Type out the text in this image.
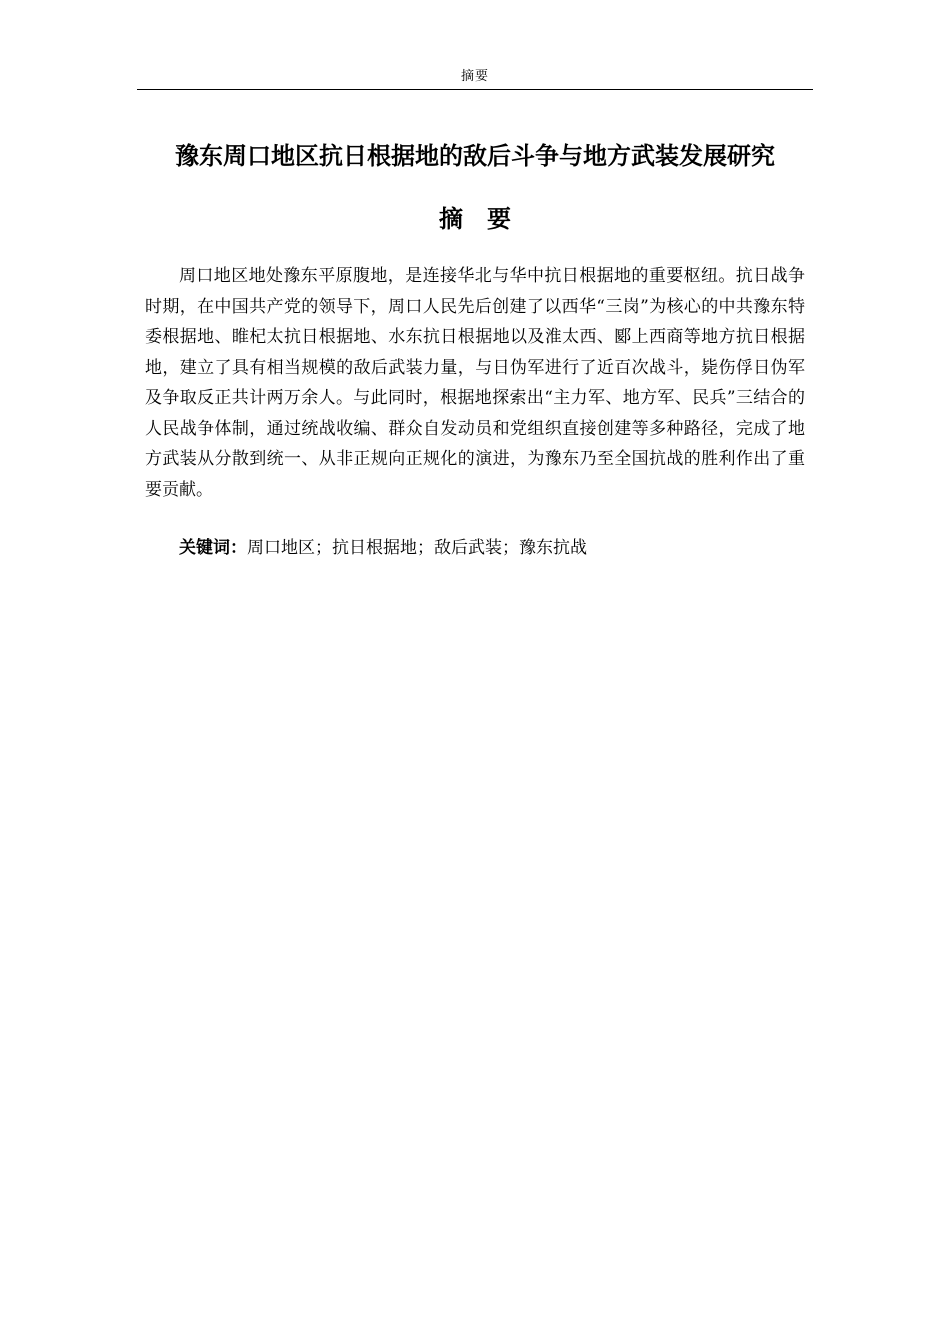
摘要
豫东周口地区抗日根据地的敌后斗争与地方武装发展研究
摘要

周口地区地处豫东平原腹地，是连接华北与华中抗日根据地的重要枢纽。抗日战争时期，在中国共产党的领导下，周口人民先后创建了以西华“三岗”为核心的中共豫东特委根据地、睢杞太抗日根据地、水东抗日根据地以及淮太西、郾上西商等地方抗日根据地，建立了具有相当规模的敌后武装力量，与日伪军进行了近百次战斗，毙伤俘日伪军及争取反正共计两万余人。与此同时，根据地探索出“主力军、地方军、民兵”三结合的人民战争体制，通过统战收编、群众自发动员和党组织直接创建等多种路径，完成了地方武装从分散到统一、从非正规向正规化的演进，为豫东乃至全国抗战的胜利作出了重要贡献。

关键词：周口地区；抗日根据地；敌后武装；豫东抗战
